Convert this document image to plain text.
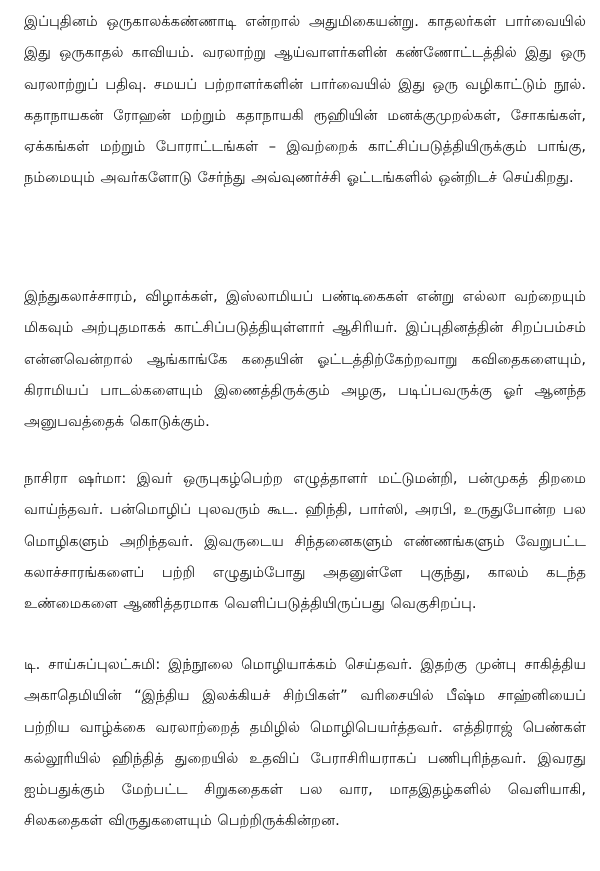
இப்புதினம் ஒருகாலக்கண்ணாடி என்றால் அதுமிகையன்று. காதலர்கள் பார்வையில் இது ஒருகாதல் காவியம். வரலாற்று ஆய்வாளர்களின் கண்ணோட்டத்தில் இது ஒரு வரலாற்றுப் பதிவு. சமயப் பற்றாளர்களின் பார்வையில் இது ஒரு வழிகாட்டும் நூல். கதாநாயகன் ரோஹன் மற்றும் கதாநாயகி ரூஹியின் மனக்குமுறல்கள், சோகங்கள், ஏக்கங்கள் மற்றும் போராட்டங்கள் – இவற்றைக் காட்சிப்படுத்தியிருக்கும் பாங்கு, நம்மையும் அவர்களோடு சேர்ந்து அவ்வுணர்ச்சி ஓட்டங்களில் ஒன்றிடச் செய்கிறது.

இந்துகலாச்சாரம், விழாக்கள், இஸ்லாமியப் பண்டிகைகள் என்று எல்லா வற்றையும் மிகவும் அற்புதமாகக் காட்சிப்படுத்தியுள்ளார் ஆசிரியர். இப்புதினத்தின் சிறப்பம்சம் என்னவென்றால் ஆங்காங்கே கதையின் ஓட்டத்திற்கேற்றவாறு கவிதைகளையும், கிராமியப் பாடல்களையும் இணைத்திருக்கும் அழகு, படிப்பவருக்கு ஓர் ஆனந்த அனுபவத்தைக் கொடுக்கும்.

நாசிரா ஷர்மா: இவர் ஒருபுகழ்பெற்ற எழுத்தாளர் மட்டுமன்றி, பன்முகத் திறமை வாய்ந்தவர். பன்மொழிப் புலவரும் கூட. ஹிந்தி, பார்ஸி, அரபி, உருதுபோன்ற பல மொழிகளும் அறிந்தவர். இவருடைய சிந்தனைகளும் எண்ணங்களும் வேறுபட்ட கலாச்சாரங்களைப் பற்றி எழுதும்போது அதனுள்ளே புகுந்து, காலம் கடந்த உண்மைகளை ஆணித்தரமாக வெளிப்படுத்தியிருப்பது வெகுசிறப்பு.

டி. சாய்சுப்புலட்சுமி: இந்நூலை மொழியாக்கம் செய்தவர். இதற்கு முன்பு சாகித்திய அகாதெமியின் “இந்திய இலக்கியச் சிற்பிகள்” வரிசையில் பீஷ்ம சாஹ்னியைப் பற்றிய வாழ்க்கை வரலாற்றைத் தமிழில் மொழிபெயர்த்தவர். எத்திராஜ் பெண்கள் கல்லூரியில் ஹிந்தித் துறையில் உதவிப் பேராசிரியராகப் பணிபுரிந்தவர். இவரது ஐம்பதுக்கும் மேற்பட்ட சிறுகதைகள் பல வார, மாதஇதழ்களில் வெளியாகி, சிலகதைகள் விருதுகளையும் பெற்றிருக்கின்றன.
